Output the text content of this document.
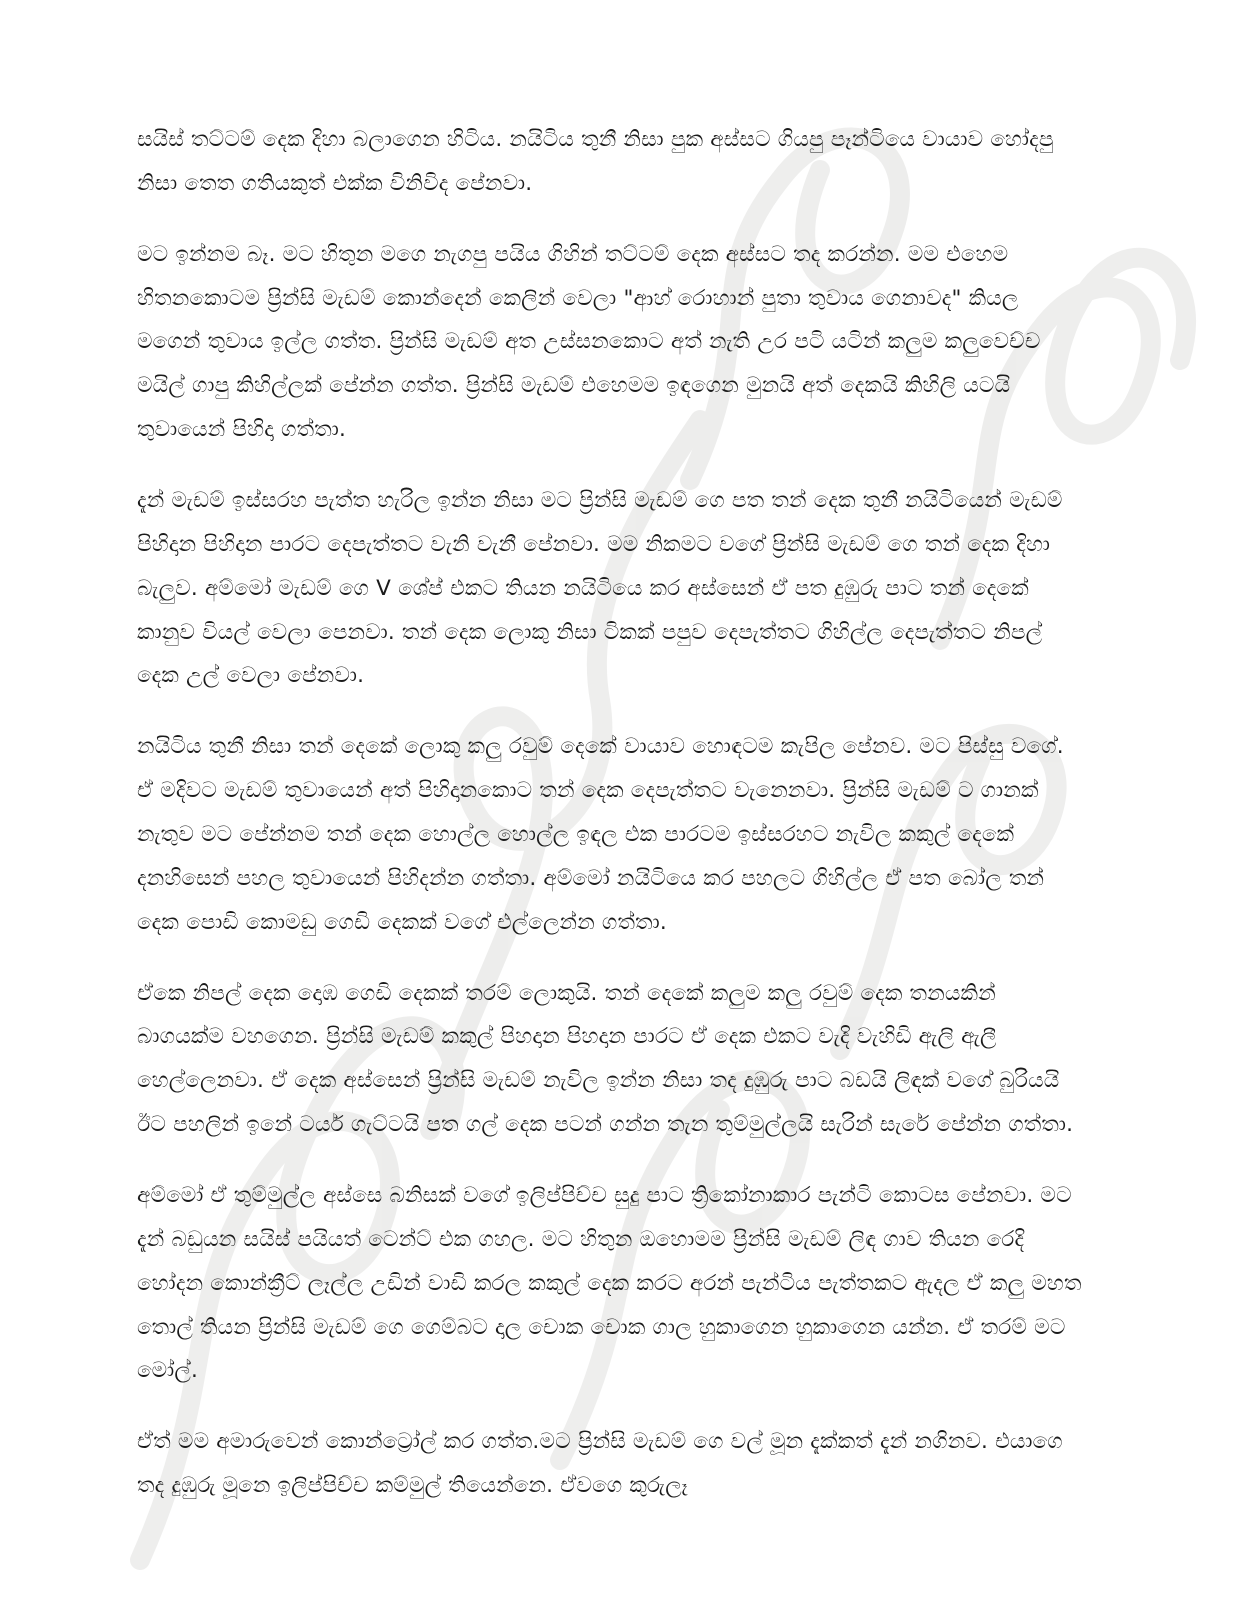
සයිස් තට්ටම් දෙක දිහා බලාගෙන හිටිය. නයිටිය තුනී නිසා පුක අස්සට ගියපු පෑන්ටියෙ වායාව හෝදපු නිසා තෙත ගතියකුත් එක්ක විනිවිද පේනවා.

මට ඉන්නම බෑ. මට හිතුන මගෙ නැගපු පයිය ගිහින් තට්ටම් දෙක අස්සට තද කරන්න. මම එහෙම හිතනකොටම ප්‍රින්සි මැඩම් කොන්දෙන් කෙලින් වෙලා "ආහ් රොහාන් පුතා තුවාය ගෙනාවද" කියල මගෙන් තුවාය ඉල්ල ගත්ත. ප්‍රින්සි මැඩම් අත උස්සනකොට අත් නැති උර පටි යටින් කලුම කලුවෙච්ච මයිල් ගාපු කිහිල්ලක් පේන්න ගත්ත. ප්‍රින්සි මැඩම් එහෙමම ඉඳගෙන මුනයි අත් දෙකයි කිහිලි යටයි තුවායෙන් පිහිදා ගත්තා.

දැන් මැඩම් ඉස්සරහ පැත්ත හැරිල ඉන්න නිසා මට ප්‍රින්සි මැඩම් ගෙ පත තන් දෙක තුනී නයිටියෙන් මැඩම් පිහිදාන පිහිදාන පාරට දෙපැත්තට වැනි වැනී පේනවා. මම නිකමට වගේ ප්‍රින්සි මැඩම් ගෙ තන් දෙක දිහා බැලුව. අම්මෝ මැඩම් ගෙ V ශේප් එකට තියන නයිටියෙ කර අස්සෙන් ඒ පත දුඹුරු පාට තන් දෙකේ කානුව වියල් වෙලා පෙනවා. තන් දෙක ලොකු නිසා ටිකක් පපුව දෙපැත්තට ගිහිල්ල දෙපැත්තට නිපල් දෙක උල් වෙලා පේනවා.

නයිටිය තුනී නිසා තන් දෙකේ ලොකු කලු රවුම් දෙකේ වායාව හොඳටම කැපිල පේනව. මට පිස්සු වගේ. ඒ මදිවට මැඩම් තුවායෙන් අත් පිහිදානකොට තන් දෙක දෙපැත්තට වැනෙනවා. ප්‍රින්සි මැඩම් ට ගානක් නැතුව මට පේන්නම තන් දෙක හොල්ල හොල්ල ඉඳල එක පාරටම ඉස්සරහට නැවිල කකුල් දෙකේ දනහිසෙන් පහල තුවායෙන් පිහිදන්න ගත්තා. අම්මෝ නයිටියෙ කර පහලට ගිහිල්ල ඒ පත බෝල තන් දෙක පොඩි කොමඩු ගෙඩි දෙකක් වගේ එල්ලෙන්න ගත්තා.

ඒකෙ නිපල් දෙක දොඹ ගෙඩි දෙකක් තරම් ලොකුයි. තන් දෙකේ කලුම කලු රවුම් දෙක තනයකින් බාගයක්ම වහගෙන. ප්‍රින්සි මැඩම් කකුල් පිහදාන පිහදාන පාරට ඒ දෙක එකට වැදි වැහිඩි ඇලි ඇලී හෙල්ලෙනවා. ඒ දෙක අස්සෙන් ප්‍රින්සි මැඩම් නැවිල ඉන්න නිසා තද දුඹුරු පාට බඩයි ලිඳක් වගේ බුරියයි ඊට පහලින් ඉනේ ටයර් ගැට්ටයි පත ගල් දෙක පටන් ගන්න තැන තුම්මුල්ලයි සැරින් සැරේ පේන්න ගත්තා.

අම්මෝ ඒ තුම්මුල්ල අස්සෙ බනිසක් වගේ ඉලිප්පිච්ච සුදු පාට ත්‍රිකෝනාකාර පැන්ටි කොටස පේනවා. මට දැන් බඩුයන සයිස් පයියත් ටෙන්ට් එක ගහල. මට හිතුන ඔහොමම ප්‍රින්සි මැඩම් ලිඳ ගාව තියන රෙදි හෝදන කොන්ක්‍රීට් ලෑල්ල උඩින් වාඩි කරල කකුල් දෙක කරට අරන් පැන්ටිය පැත්තකට ඇදල ඒ කලු මහත තොල් තියන ප්‍රින්සි මැඩම් ගෙ ගෙම්බට දාල චොක චොක ගාල හුකාගෙන හුකාගෙන යන්න. ඒ තරම් මට මෝල්.

ඒත් මම අමාරුවෙන් කොන්ට්‍රෝල් කර ගත්ත.මට ප්‍රින්සි මැඩම් ගෙ වල් මූන දැක්කත් දැන් නගිනව. එයාගෙ තද දුඹුරු මූනෙ ඉලිප්පිච්ච කම්මුල් තියෙන්නෙ. ඒවගෙ කුරුලෑ
